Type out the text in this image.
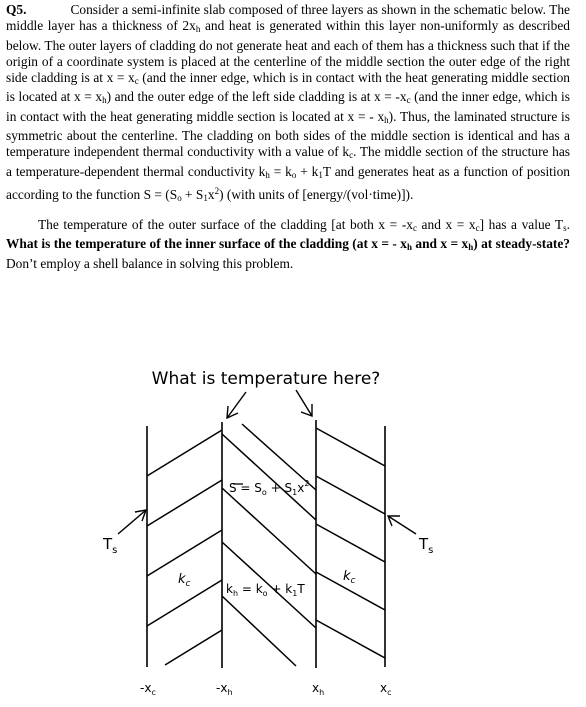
Q5.	Consider a semi-infinite slab composed of three layers as shown in the schematic below. The middle layer has a thickness of $2x_h$ and heat is generated within this layer non-uniformly as described below. The outer layers of cladding do not generate heat and each of them has a thickness such that if the origin of a coordinate system is placed at the centerline of the middle section the outer edge of the right side cladding is at $x = x_c$ (and the inner edge, which is in contact with the heat generating middle section is located at $x = x_h$) and the outer edge of the left side cladding is at $x = -x_c$ (and the inner edge, which is in contact with the heat generating middle section is located at x = - $x_h$). Thus, the laminated structure is symmetric about the centerline. The cladding on both sides of the middle section is identical and has a temperature independent thermal conductivity with a value of $k_c$. The middle section of the structure has a temperature-dependent thermal conductivity $k_h = k_o + k_1T$ and generates heat as a function of position according to the function $S = (S_o + S_1x^2)$ (with units of [energy/(vol·time)]).

The temperature of the outer surface of the cladding [at both $x = -x_c$ and $x = x_c$] has a value $T_s$. What is the temperature of the inner surface of the cladding (at x = - $x_h$ and $x = x_h$) at steady-state? Don’t employ a shell balance in solving this problem.

What is temperature here?
$S = S_o + S_1x^2$
$k_c$	$k_c$
$k_h = k_o + k_1T$
$T_s$	$T_s$
$-x_c$	$-x_h$	$x_h$	$x_c$
